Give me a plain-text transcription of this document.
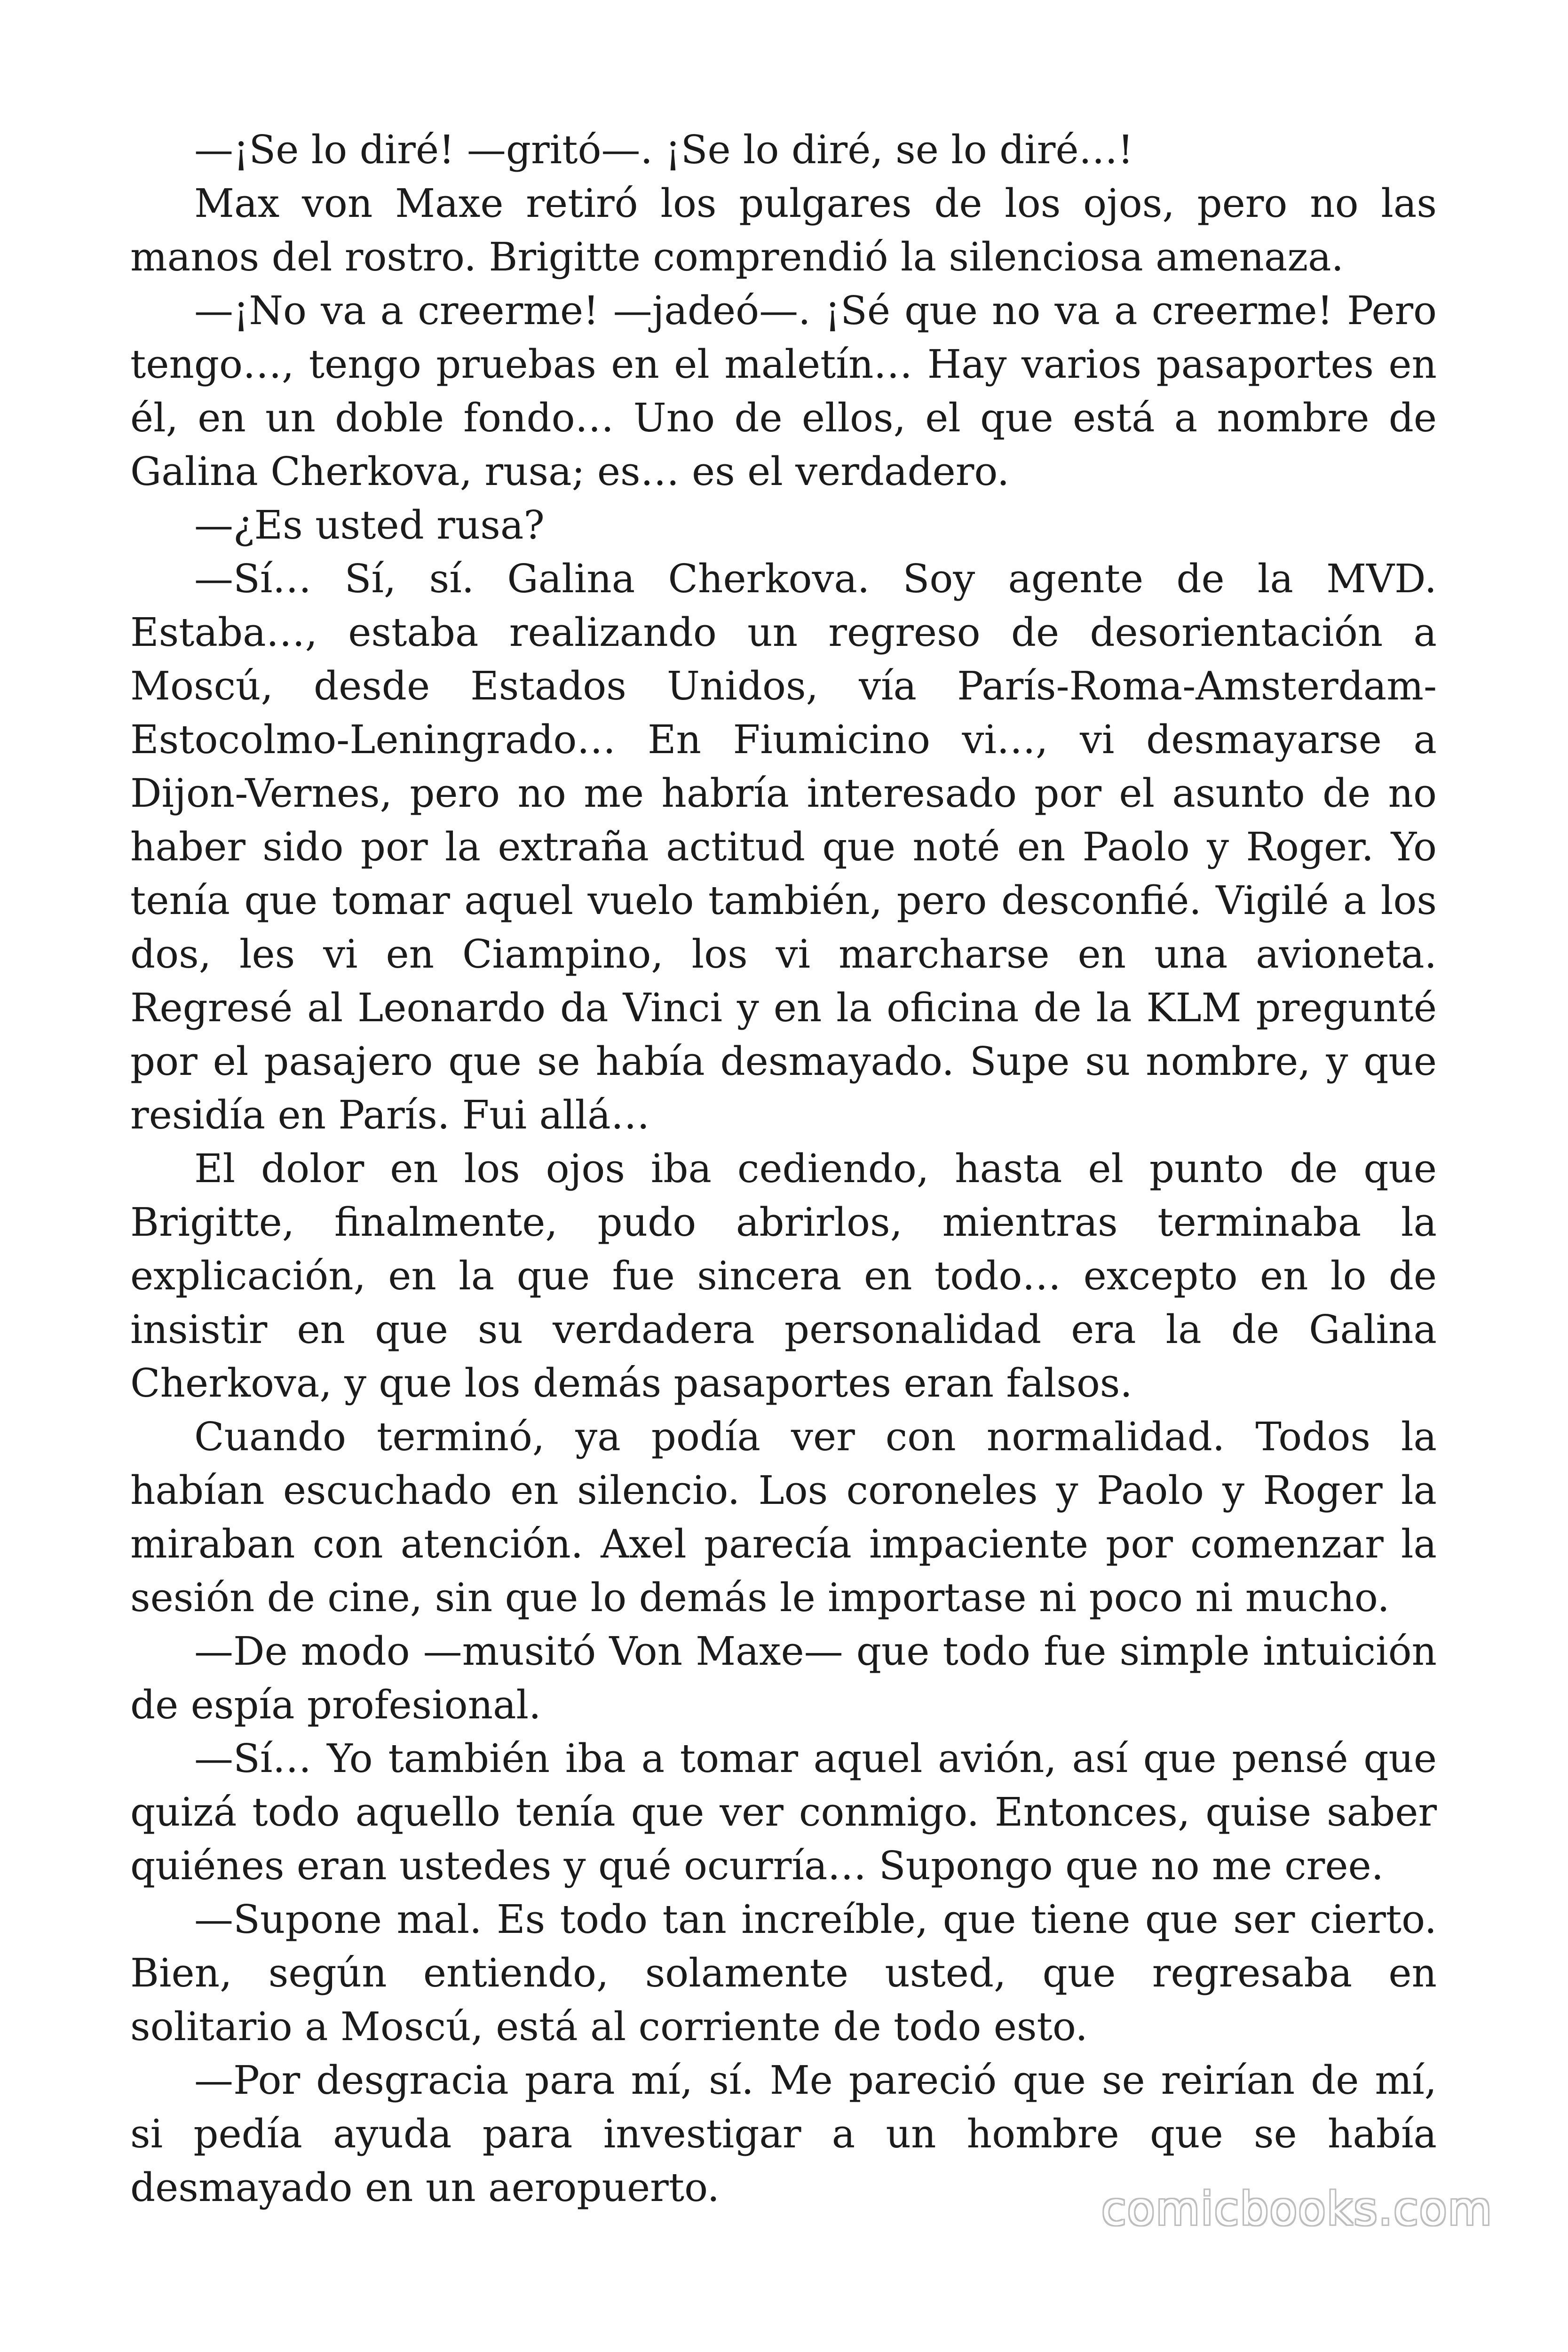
—¡Se lo diré! —gritó—. ¡Se lo diré, se lo diré…!

Max von Maxe retiró los pulgares de los ojos, pero no las manos del rostro. Brigitte comprendió la silenciosa amenaza.

—¡No va a creerme! —jadeó—. ¡Sé que no va a creerme! Pero tengo…, tengo pruebas en el maletín… Hay varios pasaportes en él, en un doble fondo… Uno de ellos, el que está a nombre de Galina Cherkova, rusa; es… es el verdadero.

—¿Es usted rusa?

—Sí… Sí, sí. Galina Cherkova. Soy agente de la MVD. Estaba…, estaba realizando un regreso de desorientación a Moscú, desde Estados Unidos, vía París-Roma-Amsterdam-Estocolmo-Leningrado… En Fiumicino vi…, vi desmayarse a Dijon-Vernes, pero no me habría interesado por el asunto de no haber sido por la extraña actitud que noté en Paolo y Roger. Yo tenía que tomar aquel vuelo también, pero desconfié. Vigilé a los dos, les vi en Ciampino, los vi marcharse en una avioneta. Regresé al Leonardo da Vinci y en la oficina de la KLM pregunté por el pasajero que se había desmayado. Supe su nombre, y que residía en París. Fui allá…

El dolor en los ojos iba cediendo, hasta el punto de que Brigitte, finalmente, pudo abrirlos, mientras terminaba la explicación, en la que fue sincera en todo… excepto en lo de insistir en que su verdadera personalidad era la de Galina Cherkova, y que los demás pasaportes eran falsos.

Cuando terminó, ya podía ver con normalidad. Todos la habían escuchado en silencio. Los coroneles y Paolo y Roger la miraban con atención. Axel parecía impaciente por comenzar la sesión de cine, sin que lo demás le importase ni poco ni mucho.

—De modo —musitó Von Maxe— que todo fue simple intuición de espía profesional.

—Sí… Yo también iba a tomar aquel avión, así que pensé que quizá todo aquello tenía que ver conmigo. Entonces, quise saber quiénes eran ustedes y qué ocurría… Supongo que no me cree.

—Supone mal. Es todo tan increíble, que tiene que ser cierto. Bien, según entiendo, solamente usted, que regresaba en solitario a Moscú, está al corriente de todo esto.

—Por desgracia para mí, sí. Me pareció que se reirían de mí, si pedía ayuda para investigar a un hombre que se había desmayado en un aeropuerto.	comicbooks.com
